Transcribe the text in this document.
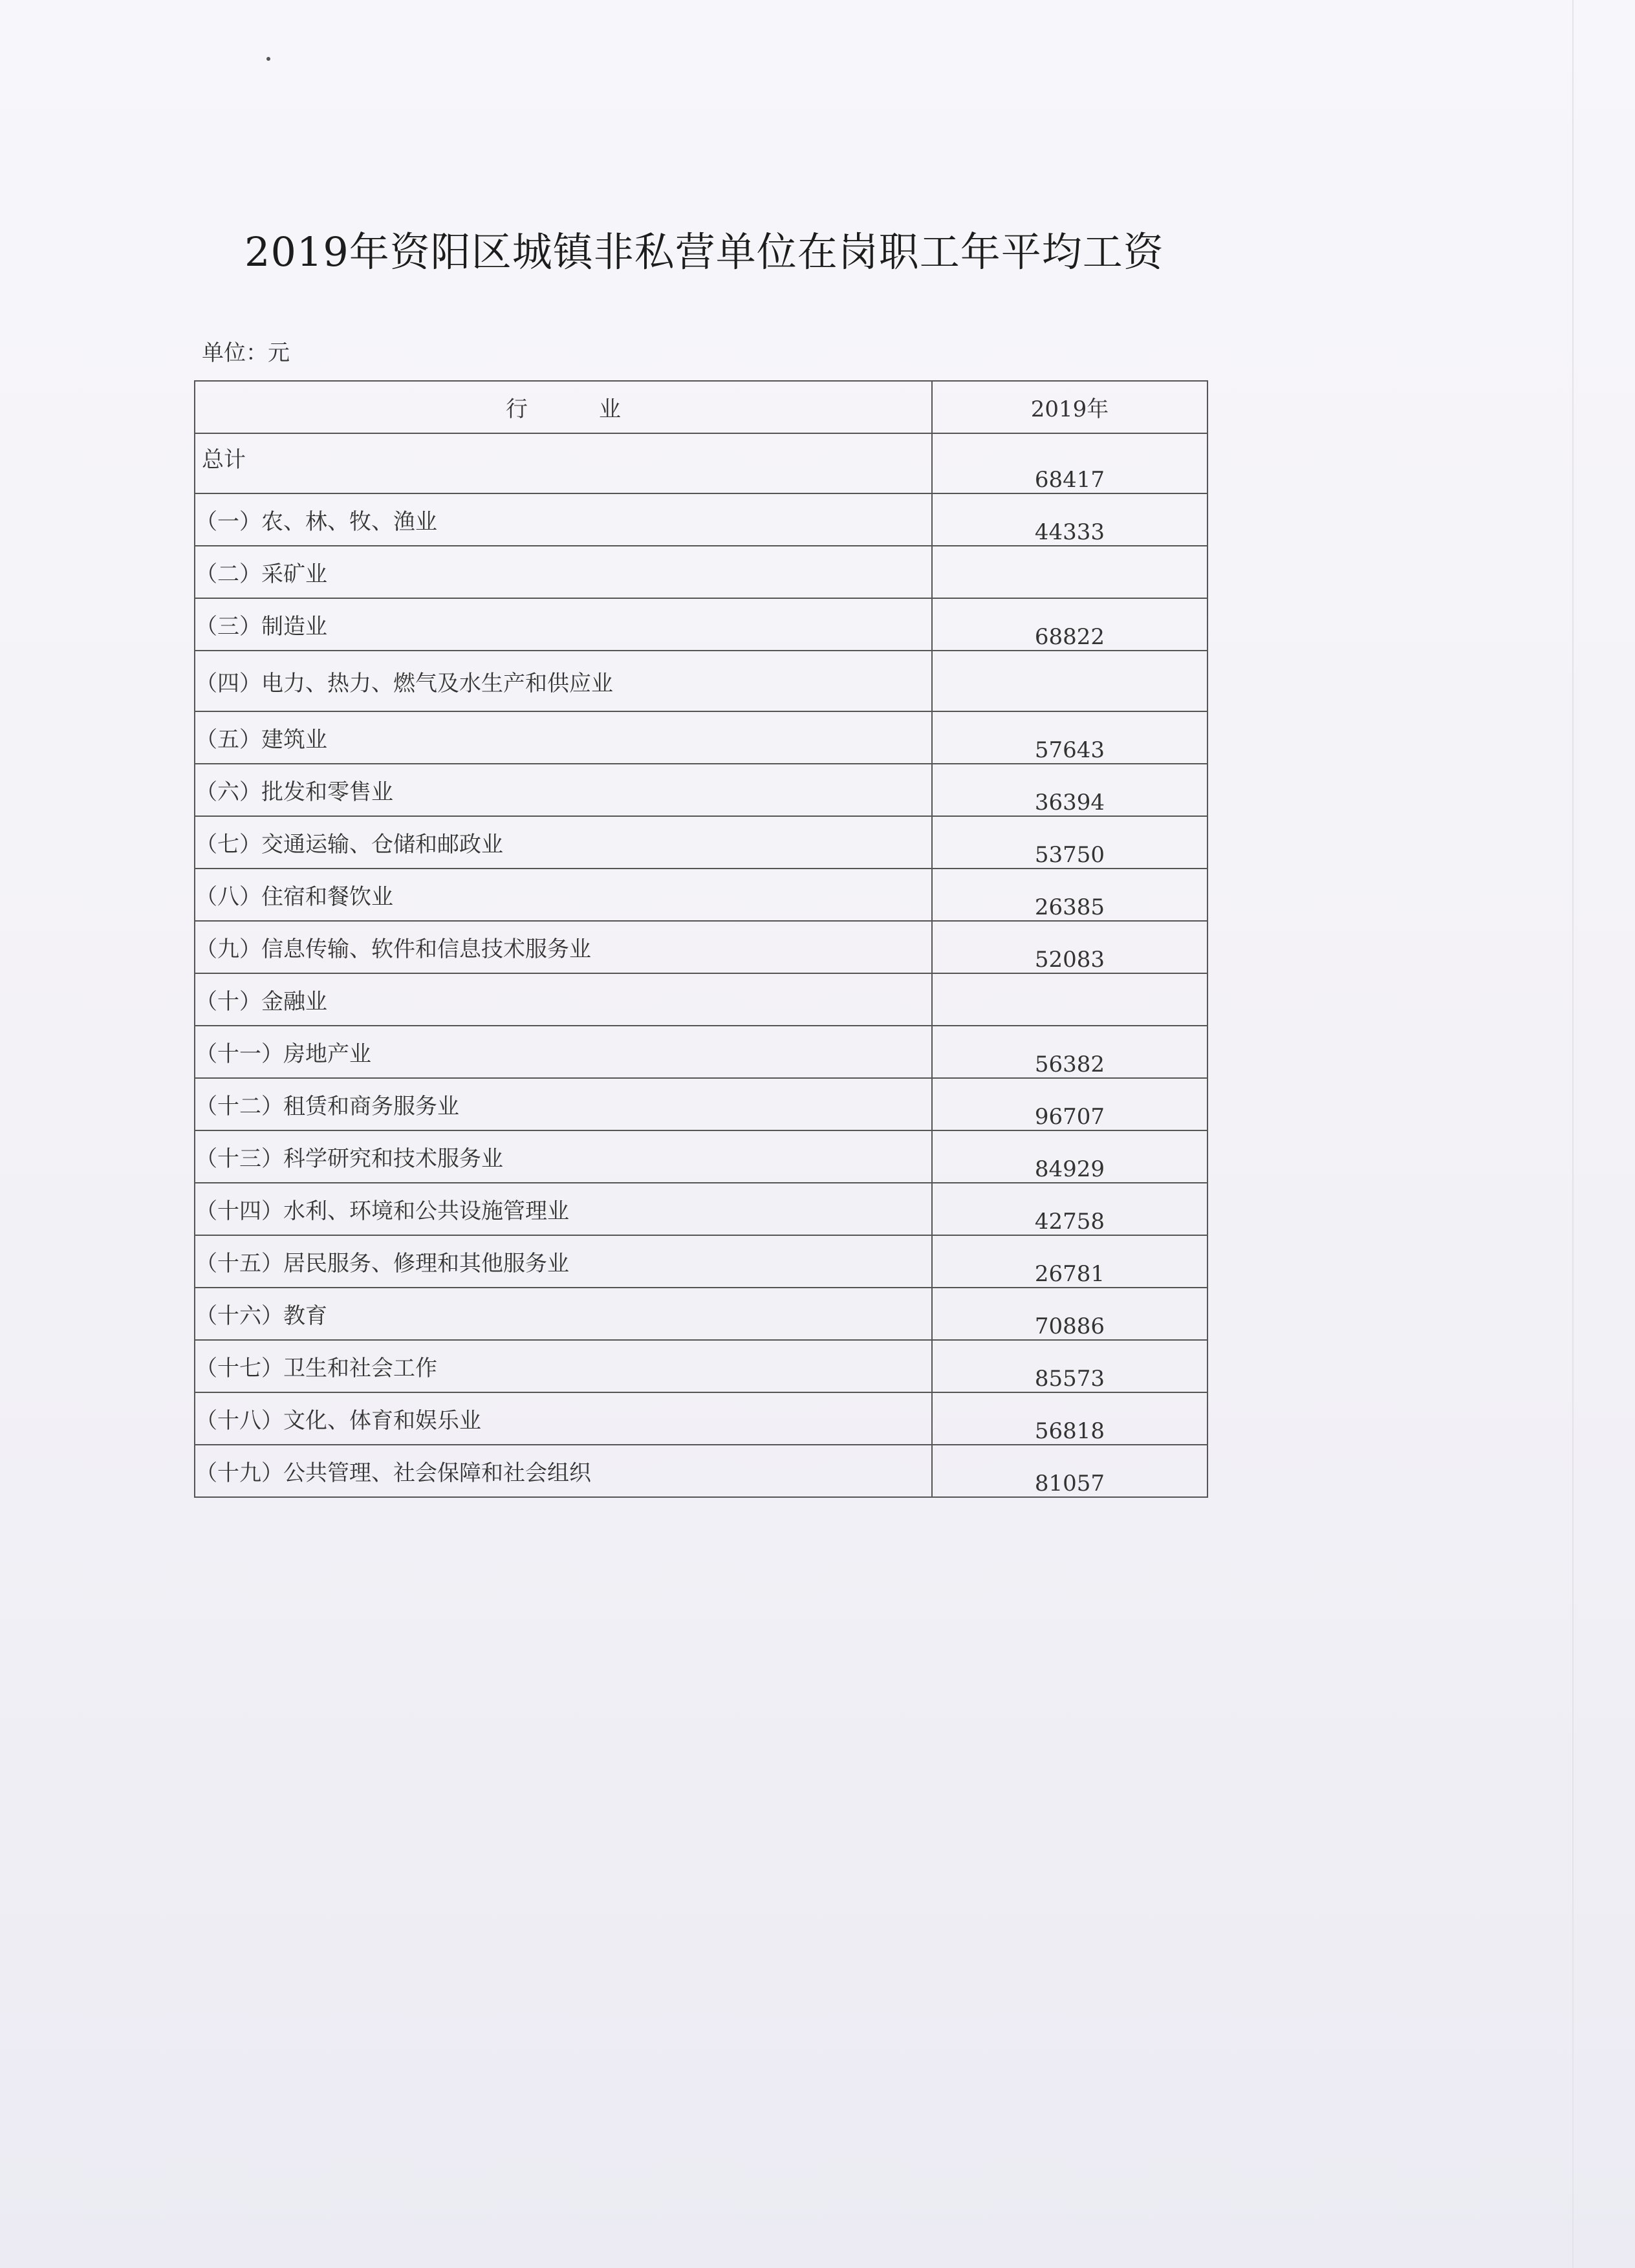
2019年资阳区城镇非私营单位在岗职工年平均工资
单位：元
行业	2019年
总计	68417
（一）农、林、牧、渔业	44333
（二）采矿业	
（三）制造业	68822
（四）电力、热力、燃气及水生产和供应业	
（五）建筑业	57643
（六）批发和零售业	36394
（七）交通运输、仓储和邮政业	53750
（八）住宿和餐饮业	26385
（九）信息传输、软件和信息技术服务业	52083
（十）金融业	
（十一）房地产业	56382
（十二）租赁和商务服务业	96707
（十三）科学研究和技术服务业	84929
（十四）水利、环境和公共设施管理业	42758
（十五）居民服务、修理和其他服务业	26781
（十六）教育	70886
（十七）卫生和社会工作	85573
（十八）文化、体育和娱乐业	56818
（十九）公共管理、社会保障和社会组织	81057
